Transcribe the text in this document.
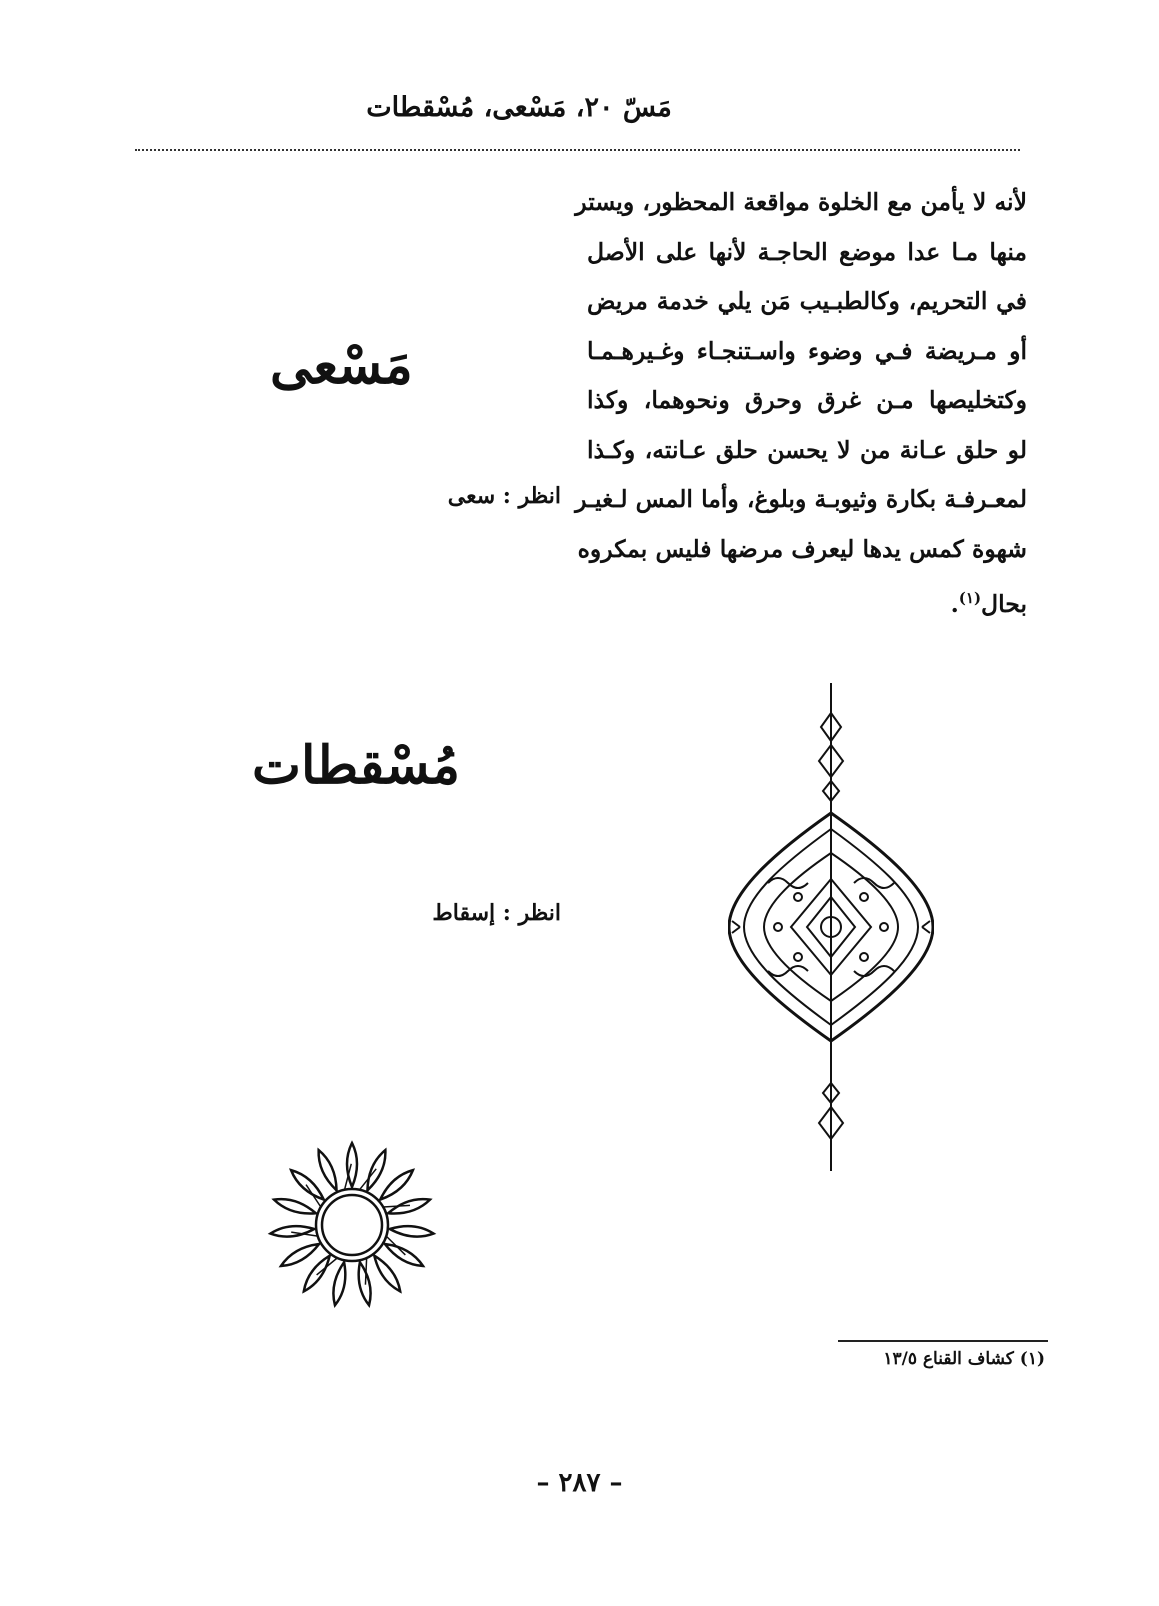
مَسّ ٢٠، مَسْعى، مُسْقطات
لأنه لا يأمن مع الخلوة مواقعة المحظور، ويستر
منها مـا عدا موضع الحاجـة لأنها على الأصل
في التحريم، وكالطبـيب مَن يلي خدمة مريض
أو مـريضة فـي وضوء واسـتنجـاء وغـيرهـمـا
وكتخليصها مـن غرق وحرق ونحوهما، وكذا
لو حلق عـانة من لا يحسن حلق عـانته، وكـذا
لمعـرفـة بكارة وثيوبـة وبلوغ، وأما المس لـغيـر
شهوة كمس يدها ليعرف مرضها فليس بمكروه
بحال$^{(١)}$.
مَسْعى
انظر : سعى
مُسْقطات
انظر : إسقاط
(١) كشاف القناع ١٣/٥
– ٢٨٧ –
